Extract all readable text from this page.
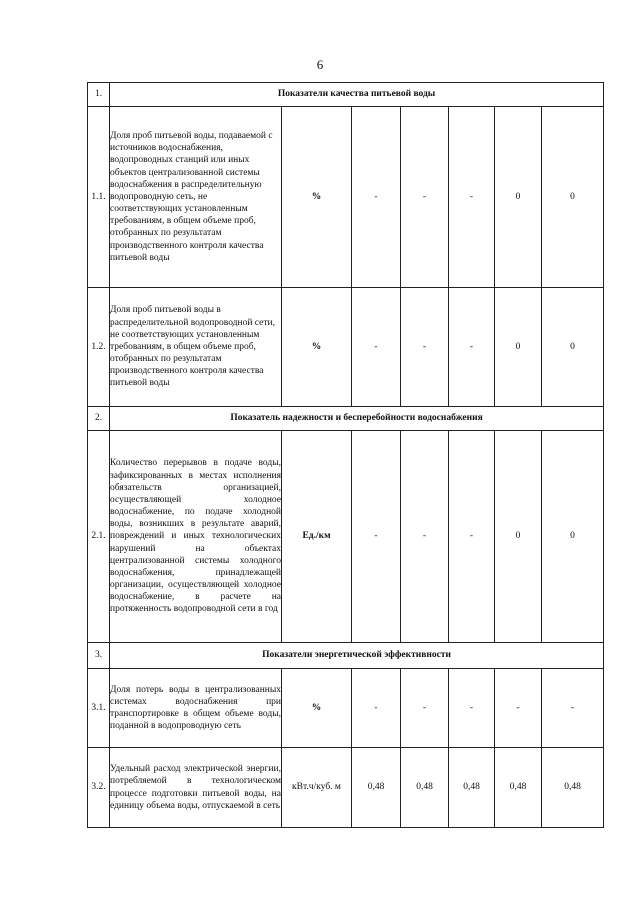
6
1.	Показатели качества питьевой воды						
1.1.	Доля проб питьевой воды, подаваемой с источников водоснабжения, водопроводных станций или иных объектов централизованной системы водоснабжения в распределительную водопроводную сеть, не соответствующих установленным требованиям, в общем объеме проб, отобранных по результатам производственного контроля качества питьевой воды	%	-	-	-	0	0
1.2.	Доля проб питьевой воды в распределительной водопроводной сети, не соответствующих установленным требованиям, в общем объеме проб, отобранных по результатам производственного контроля качества питьевой воды	%	-	-	-	0	0
2.	Показатель надежности и бесперебойности водоснабжения						
2.1.	Количество перерывов в подаче воды, зафиксированных в местах исполнения обязательств организацией, осуществляющей холодное водоснабжение, по подаче холодной воды, возникших в результате аварий, повреждений и иных технологических нарушений на объектах централизованной системы холодного водоснабжения, принадлежащей организации, осуществляющей холодное водоснабжение, в расчете на протяженность водопроводной сети в год	Ед./км	-	-	-	0	0
3.	Показатели энергетической эффективности						
3.1.	Доля потерь воды в централизованных системах водоснабжения при транспортировке в общем объеме воды, поданной в водопроводную сеть	%	-	-	-	-	-
3.2.	Удельный расход электрической энергии, потребляемой в технологическом процессе подготовки питьевой воды, на единицу объема воды, отпускаемой в сеть	кВт.ч/куб. м	0,48	0,48	0,48	0,48	0,48
